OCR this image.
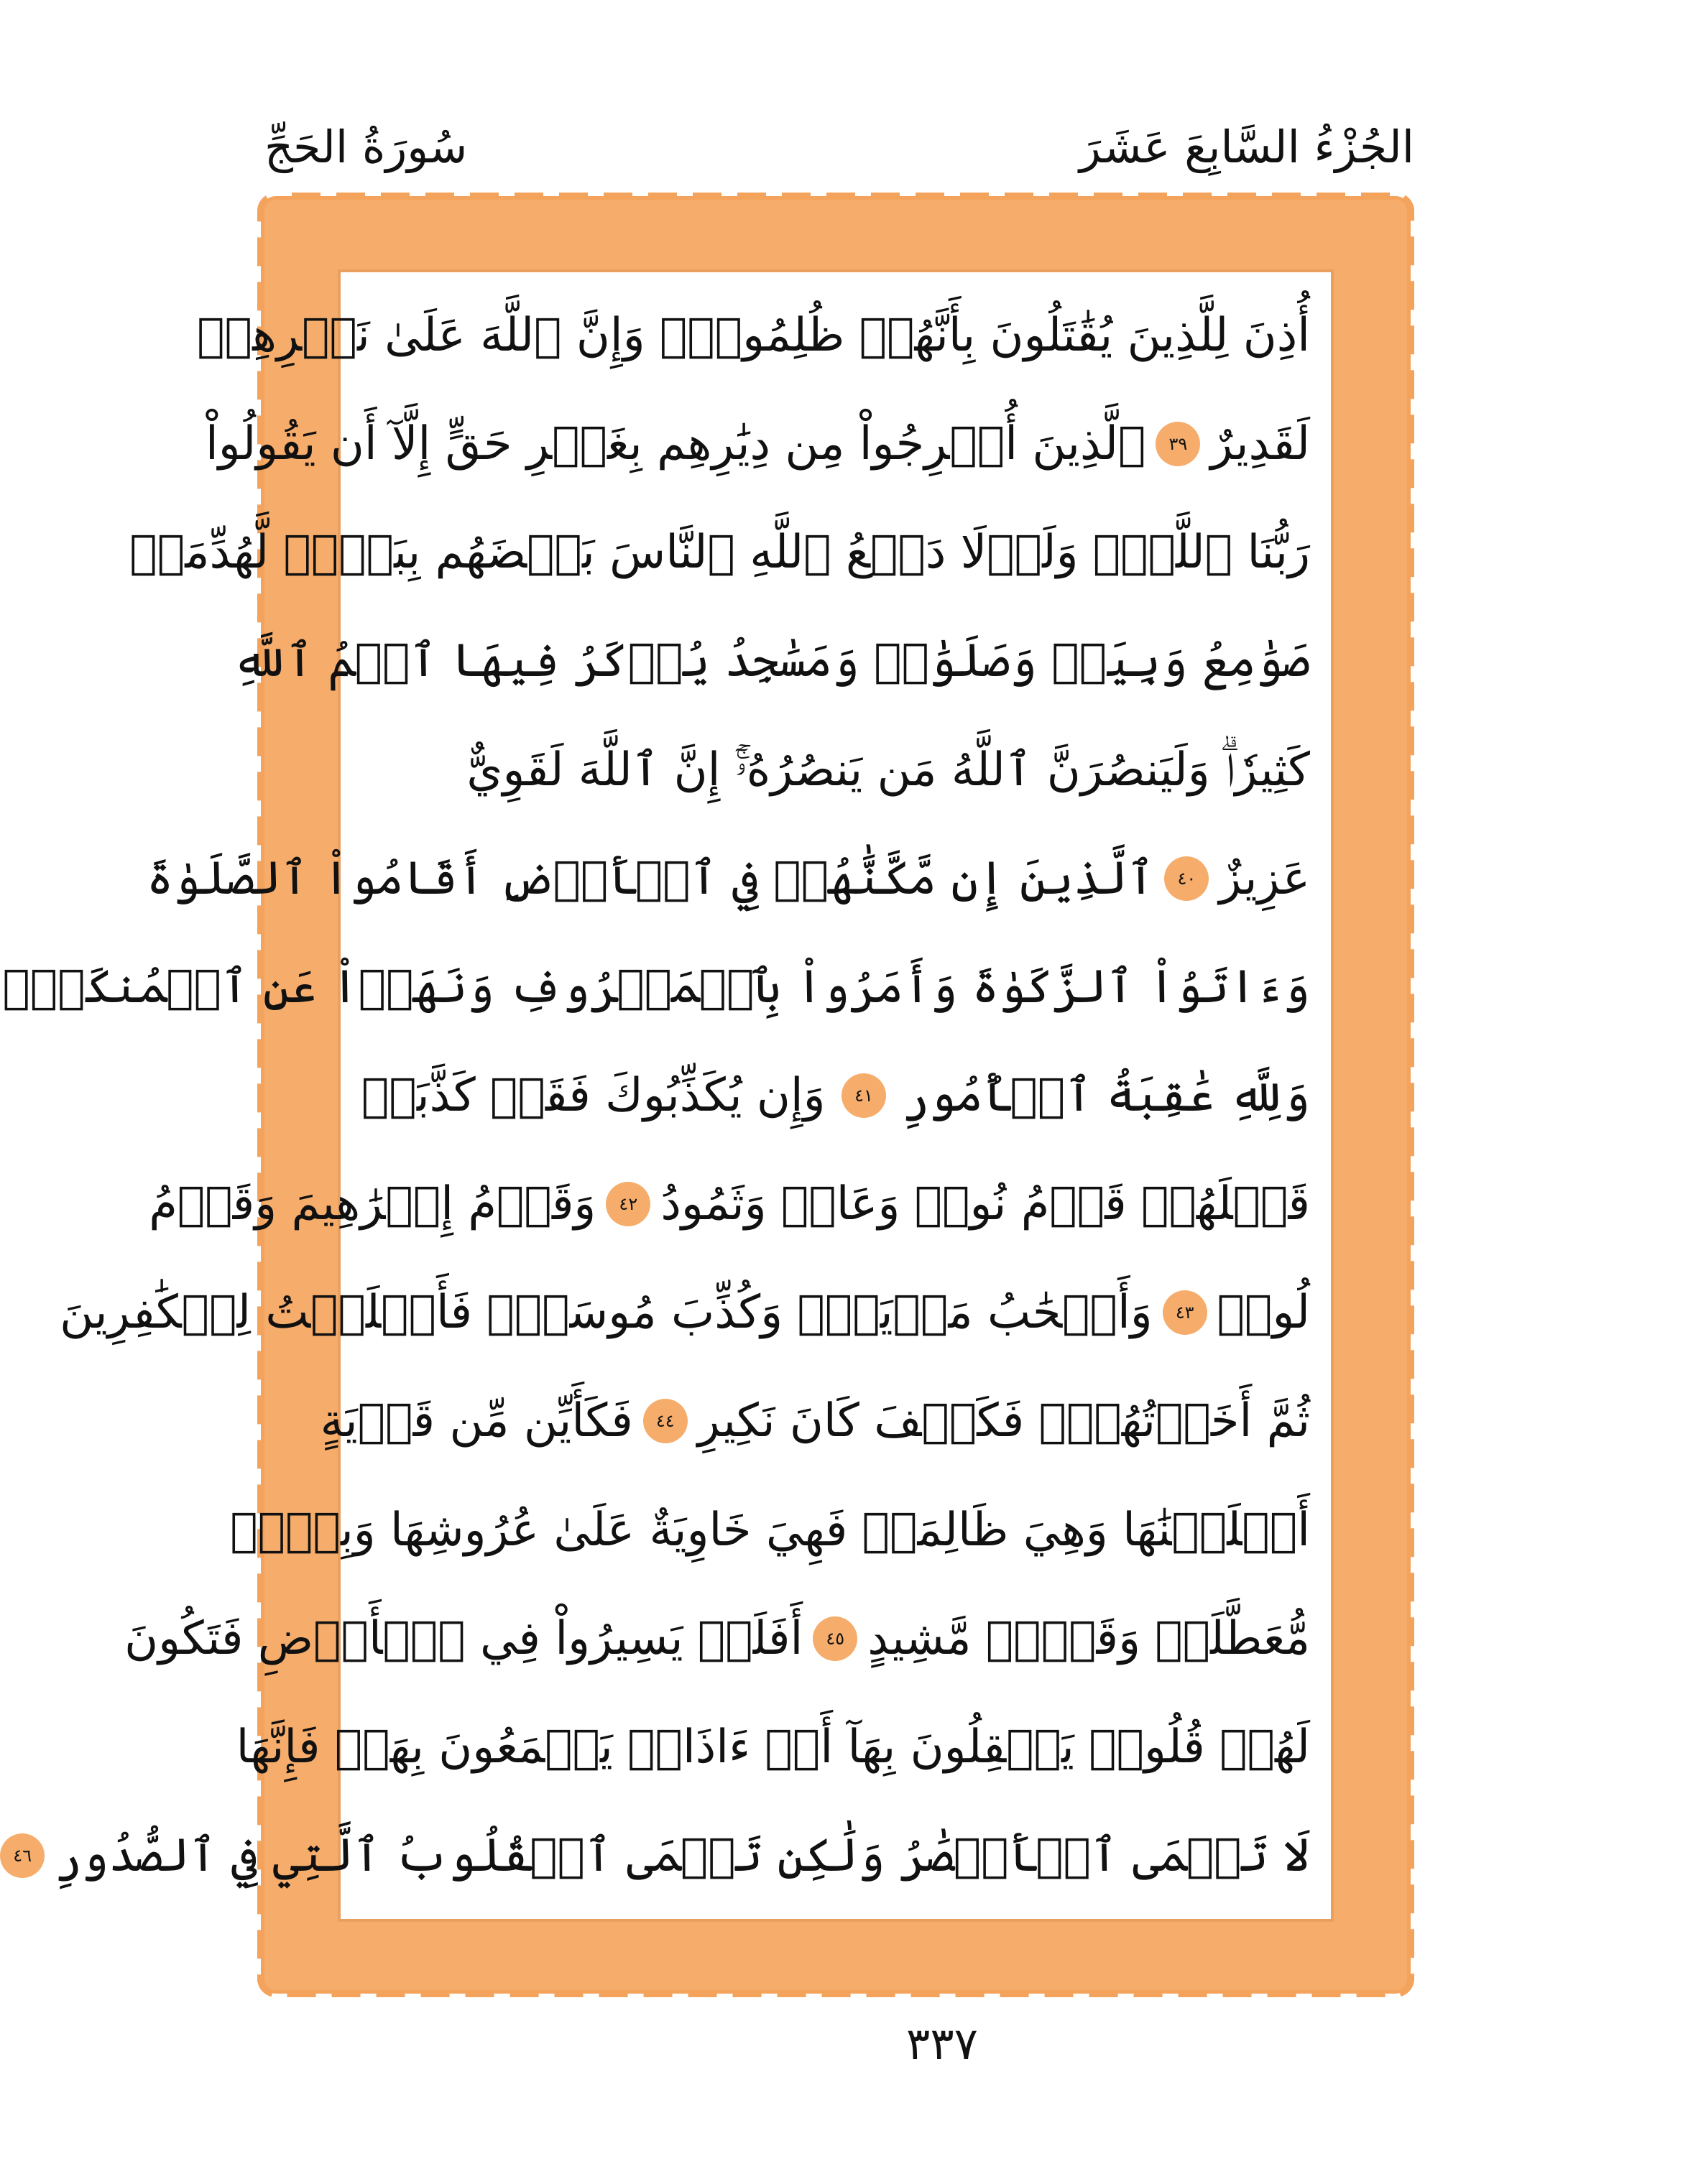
الجُزْءُ السَّابِعَ عَشَرَ
سُورَةُ الحَجِّ
أُذِنَ لِلَّذِينَ يُقَٰتَلُونَ بِأَنَّهُمۡ ظُلِمُواْۚ وَإِنَّ ٱللَّهَ عَلَىٰ نَصۡرِهِمۡ
لَقَدِيرٌ
٣٩
ٱلَّذِينَ أُخۡرِجُواْ مِن دِيَٰرِهِم بِغَيۡرِ حَقٍّ إِلَّآ أَن يَقُولُواْ
رَبُّنَا ٱللَّهُۗ وَلَوۡلَا دَفۡعُ ٱللَّهِ ٱلنَّاسَ بَعۡضَهُم بِبَعۡضٖ لَّهُدِّمَتۡ
صَوَٰمِعُ وَبِيَعٞ وَصَلَوَٰتٞ وَمَسَٰجِدُ يُذۡكَرُ فِيهَا ٱسۡمُ ٱللَّهِ
كَثِيرٗاۗ وَلَيَنصُرَنَّ ٱللَّهُ مَن يَنصُرُهُۥٓۚ إِنَّ ٱللَّهَ لَقَوِيٌّ
عَزِيزٌ
٤٠
ٱلَّذِينَ إِن مَّكَّنَّٰهُمۡ فِي ٱلۡأَرۡضِ أَقَامُواْ ٱلصَّلَوٰةَ
وَءَاتَوُاْ ٱلزَّكَوٰةَ وَأَمَرُواْ بِٱلۡمَعۡرُوفِ وَنَهَوۡاْ عَنِ ٱلۡمُنكَرِۗ
وَلِلَّهِ عَٰقِبَةُ ٱلۡأُمُورِ
٤١
وَإِن يُكَذِّبُوكَ فَقَدۡ كَذَّبَتۡ
قَبۡلَهُمۡ قَوۡمُ نُوحٖ وَعَادٞ وَثَمُودُ
٤٢
وَقَوۡمُ إِبۡرَٰهِيمَ وَقَوۡمُ
لُوطٖ
٤٣
وَأَصۡحَٰبُ مَدۡيَنَۖ وَكُذِّبَ مُوسَىٰۖ فَأَمۡلَيۡتُ لِلۡكَٰفِرِينَ
ثُمَّ أَخَذۡتُهُمۡۖ فَكَيۡفَ كَانَ نَكِيرِ
٤٤
فَكَأَيِّن مِّن قَرۡيَةٍ
أَهۡلَكۡنَٰهَا وَهِيَ ظَالِمَةٞ فَهِيَ خَاوِيَةٌ عَلَىٰ عُرُوشِهَا وَبِئۡرٖ
مُّعَطَّلَةٖ وَقَصۡرٖ مَّشِيدٍ
٤٥
أَفَلَمۡ يَسِيرُواْ فِي ٱلۡأَرۡضِ فَتَكُونَ
لَهُمۡ قُلُوبٞ يَعۡقِلُونَ بِهَآ أَوۡ ءَاذَانٞ يَسۡمَعُونَ بِهَاۖ فَإِنَّهَا
لَا تَعۡمَى ٱلۡأَبۡصَٰرُ وَلَٰكِن تَعۡمَى ٱلۡقُلُوبُ ٱلَّتِي فِي ٱلصُّدُورِ
٤٦
٣٣٧
